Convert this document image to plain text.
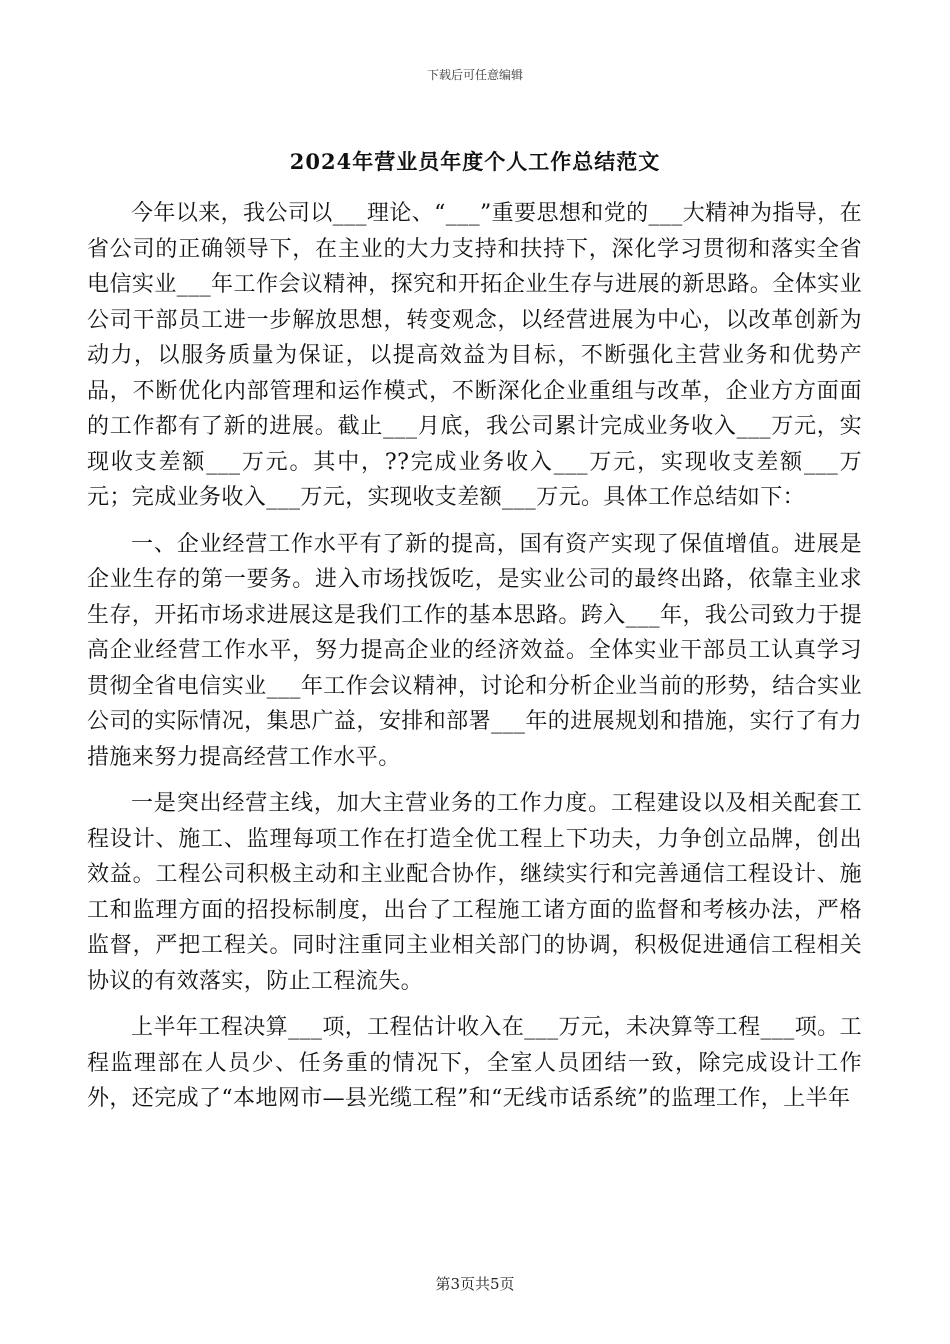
下载后可任意编辑
2024年营业员年度个人工作总结范文

今年以来，我公司以___理论、“___”重要思想和党的___大精神为指导，在省公司的正确领导下，在主业的大力支持和扶持下，深化学习贯彻和落实全省电信实业___年工作会议精神，探究和开拓企业生存与进展的新思路。全体实业公司干部员工进一步解放思想，转变观念，以经营进展为中心，以改革创新为动力，以服务质量为保证，以提高效益为目标，不断强化主营业务和优势产品，不断优化内部管理和运作模式，不断深化企业重组与改革，企业方方面面的工作都有了新的进展。截止___月底，我公司累计完成业务收入___万元，实现收支差额___万元。其中，??完成业务收入___万元，实现收支差额___万元；完成业务收入___万元，实现收支差额___万元。具体工作总结如下：

一、企业经营工作水平有了新的提高，国有资产实现了保值增值。进展是企业生存的第一要务。进入市场找饭吃，是实业公司的最终出路，依靠主业求生存，开拓市场求进展这是我们工作的基本思路。跨入___年，我公司致力于提高企业经营工作水平，努力提高企业的经济效益。全体实业干部员工认真学习贯彻全省电信实业___年工作会议精神，讨论和分析企业当前的形势，结合实业公司的实际情况，集思广益，安排和部署___年的进展规划和措施，实行了有力措施来努力提高经营工作水平。

一是突出经营主线，加大主营业务的工作力度。工程建设以及相关配套工程设计、施工、监理每项工作在打造全优工程上下功夫，力争创立品牌，创出效益。工程公司积极主动和主业配合协作，继续实行和完善通信工程设计、施工和监理方面的招投标制度，出台了工程施工诸方面的监督和考核办法，严格监督，严把工程关。同时注重同主业相关部门的协调，积极促进通信工程相关协议的有效落实，防止工程流失。

上半年工程决算___项，工程估计收入在___万元，未决算等工程___项。工程监理部在人员少、任务重的情况下，全室人员团结一致，除完成设计工作外，还完成了“本地网市—县光缆工程”和“无线市话系统”的监理工作，上半年

第3页共5页
